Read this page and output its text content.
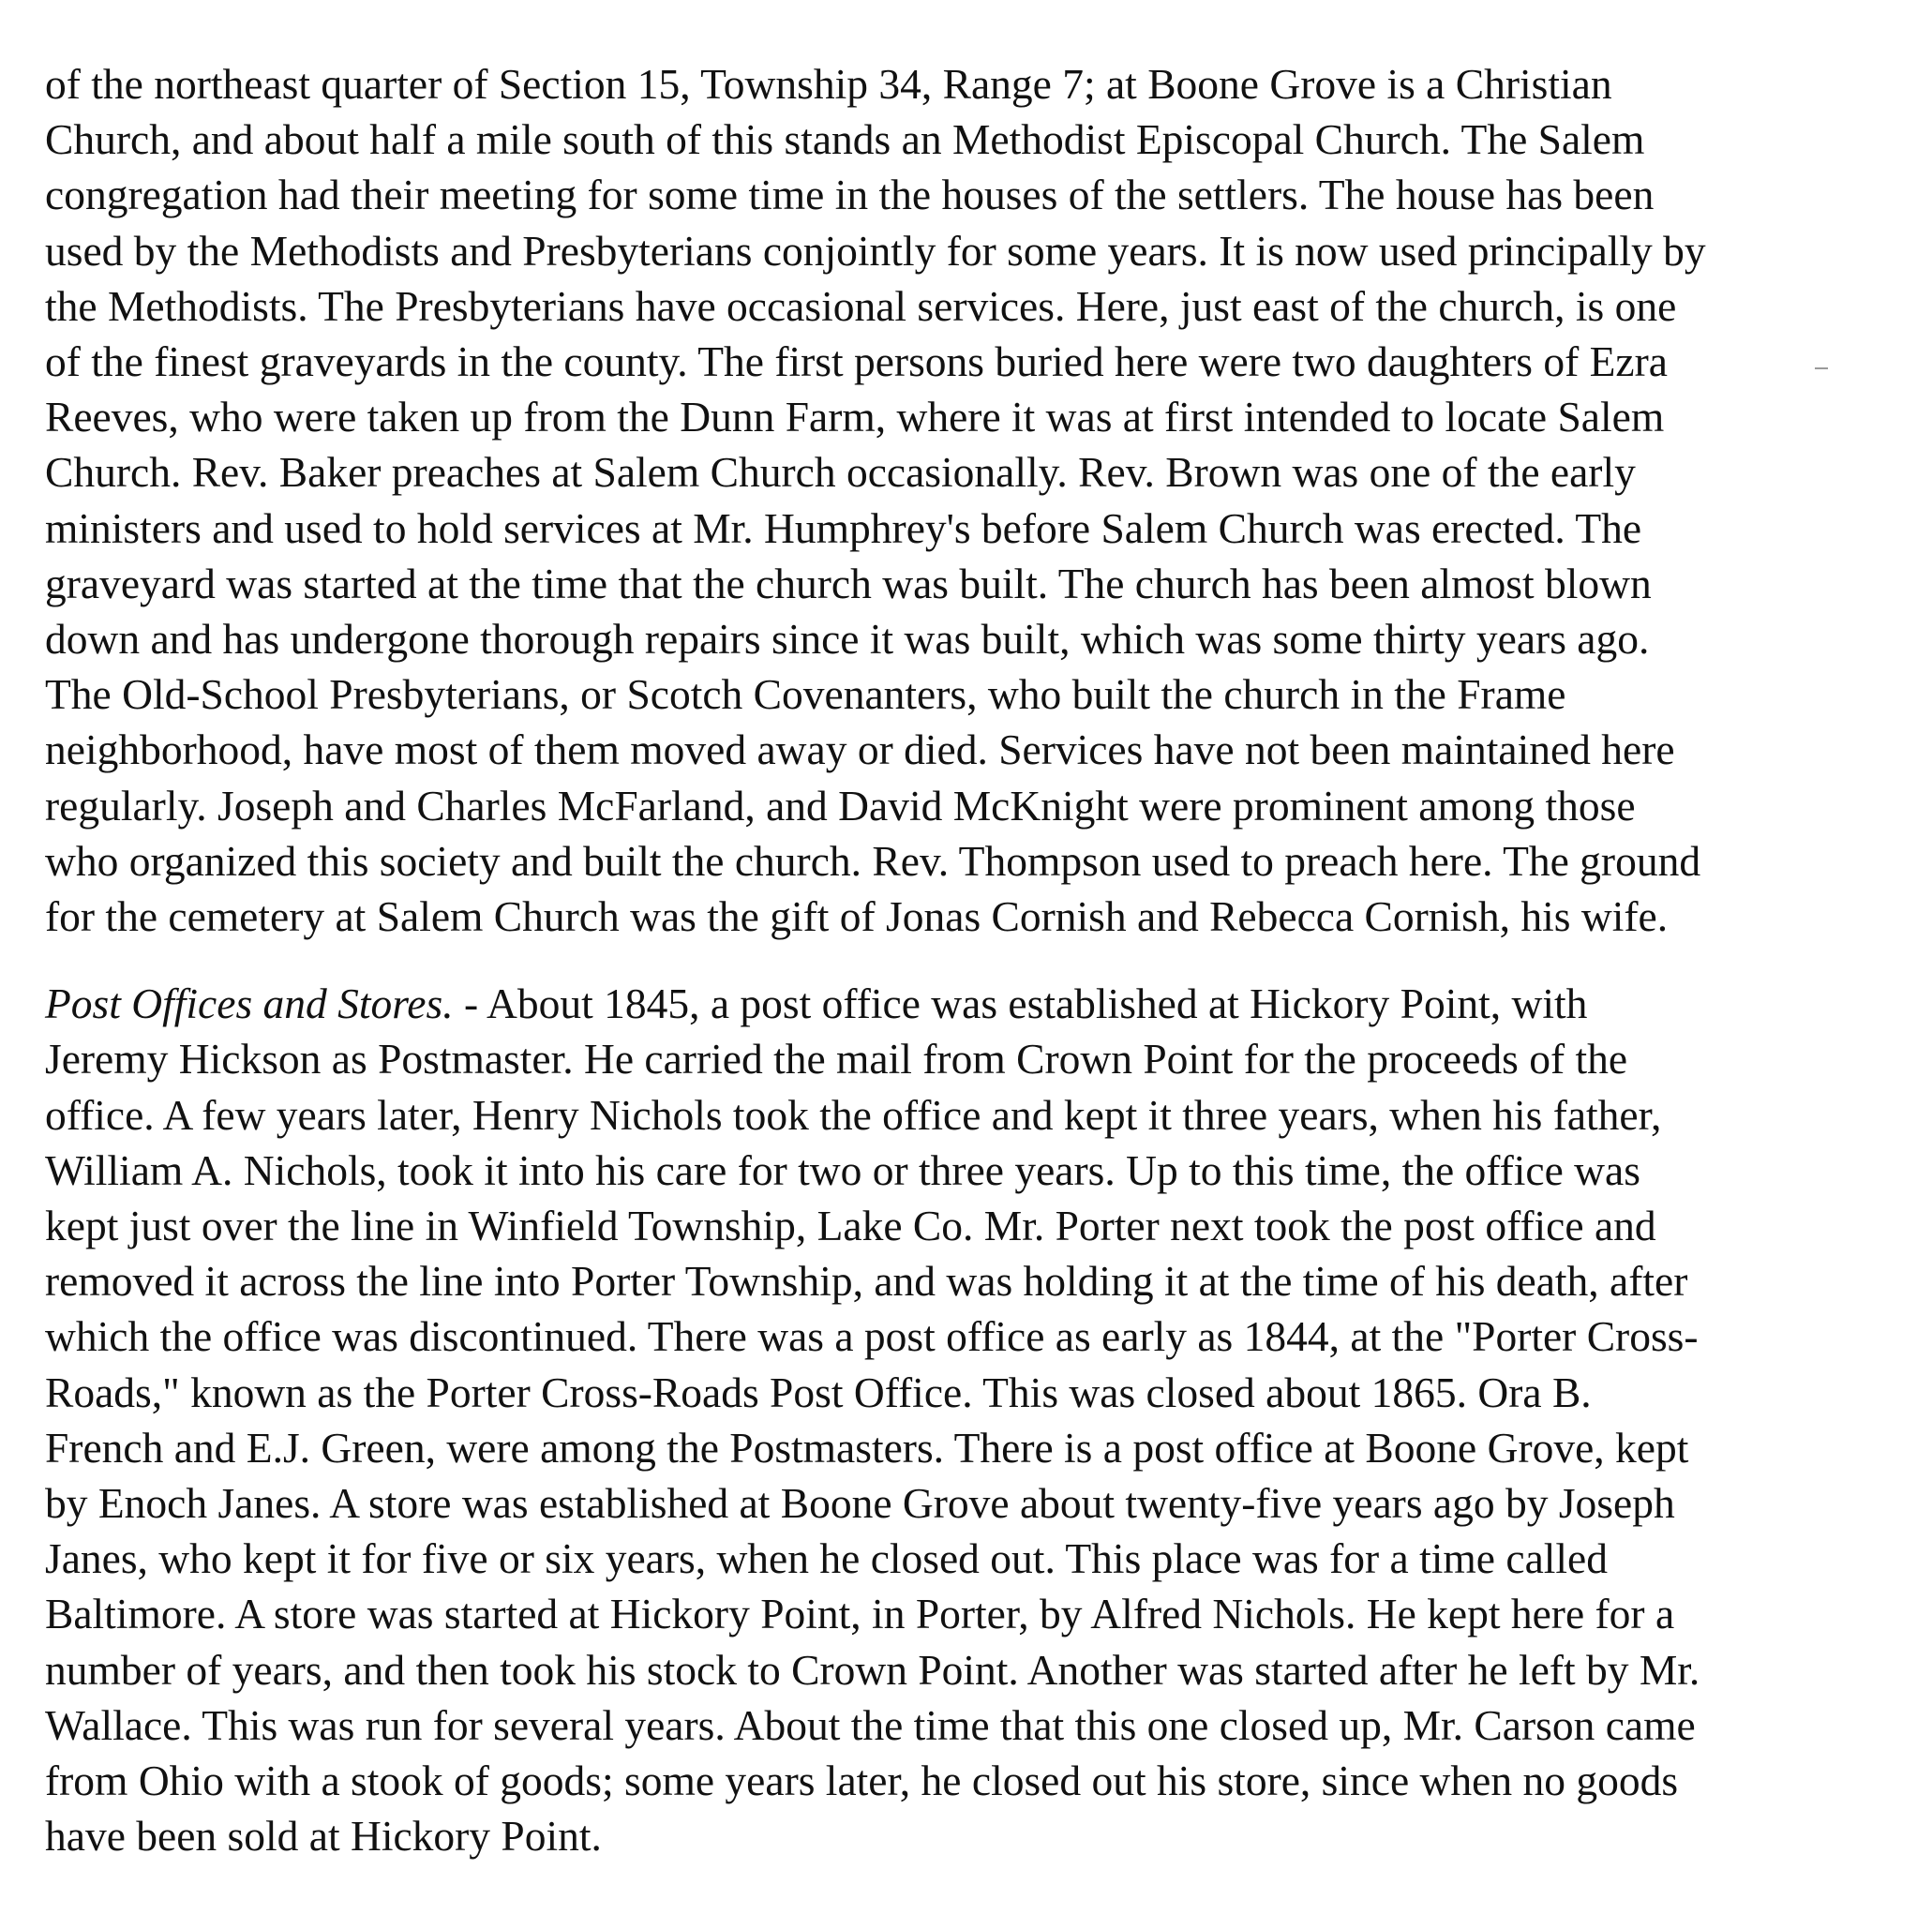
of the northeast quarter of Section 15, Township 34, Range 7; at Boone Grove is a Christian
Church, and about half a mile south of this stands an Methodist Episcopal Church. The Salem
congregation had their meeting for some time in the houses of the settlers. The house has been
used by the Methodists and Presbyterians conjointly for some years. It is now used principally by
the Methodists. The Presbyterians have occasional services. Here, just east of the church, is one
of the finest graveyards in the county. The first persons buried here were two daughters of Ezra
Reeves, who were taken up from the Dunn Farm, where it was at first intended to locate Salem
Church. Rev. Baker preaches at Salem Church occasionally. Rev. Brown was one of the early
ministers and used to hold services at Mr. Humphrey's before Salem Church was erected. The
graveyard was started at the time that the church was built. The church has been almost blown
down and has undergone thorough repairs since it was built, which was some thirty years ago.
The Old-School Presbyterians, or Scotch Covenanters, who built the church in the Frame
neighborhood, have most of them moved away or died. Services have not been maintained here
regularly. Joseph and Charles McFarland, and David McKnight were prominent among those
who organized this society and built the church. Rev. Thompson used to preach here. The ground
for the cemetery at Salem Church was the gift of Jonas Cornish and Rebecca Cornish, his wife.

Post Offices and Stores. - About 1845, a post office was established at Hickory Point, with
Jeremy Hickson as Postmaster. He carried the mail from Crown Point for the proceeds of the
office. A few years later, Henry Nichols took the office and kept it three years, when his father,
William A. Nichols, took it into his care for two or three years. Up to this time, the office was
kept just over the line in Winfield Township, Lake Co. Mr. Porter next took the post office and
removed it across the line into Porter Township, and was holding it at the time of his death, after
which the office was discontinued. There was a post office as early as 1844, at the "Porter Cross-
Roads," known as the Porter Cross-Roads Post Office. This was closed about 1865. Ora B.
French and E.J. Green, were among the Postmasters. There is a post office at Boone Grove, kept
by Enoch Janes. A store was established at Boone Grove about twenty-five years ago by Joseph
Janes, who kept it for five or six years, when he closed out. This place was for a time called
Baltimore. A store was started at Hickory Point, in Porter, by Alfred Nichols. He kept here for a
number of years, and then took his stock to Crown Point. Another was started after he left by Mr.
Wallace. This was run for several years. About the time that this one closed up, Mr. Carson came
from Ohio with a stook of goods; some years later, he closed out his store, since when no goods
have been sold at Hickory Point.
